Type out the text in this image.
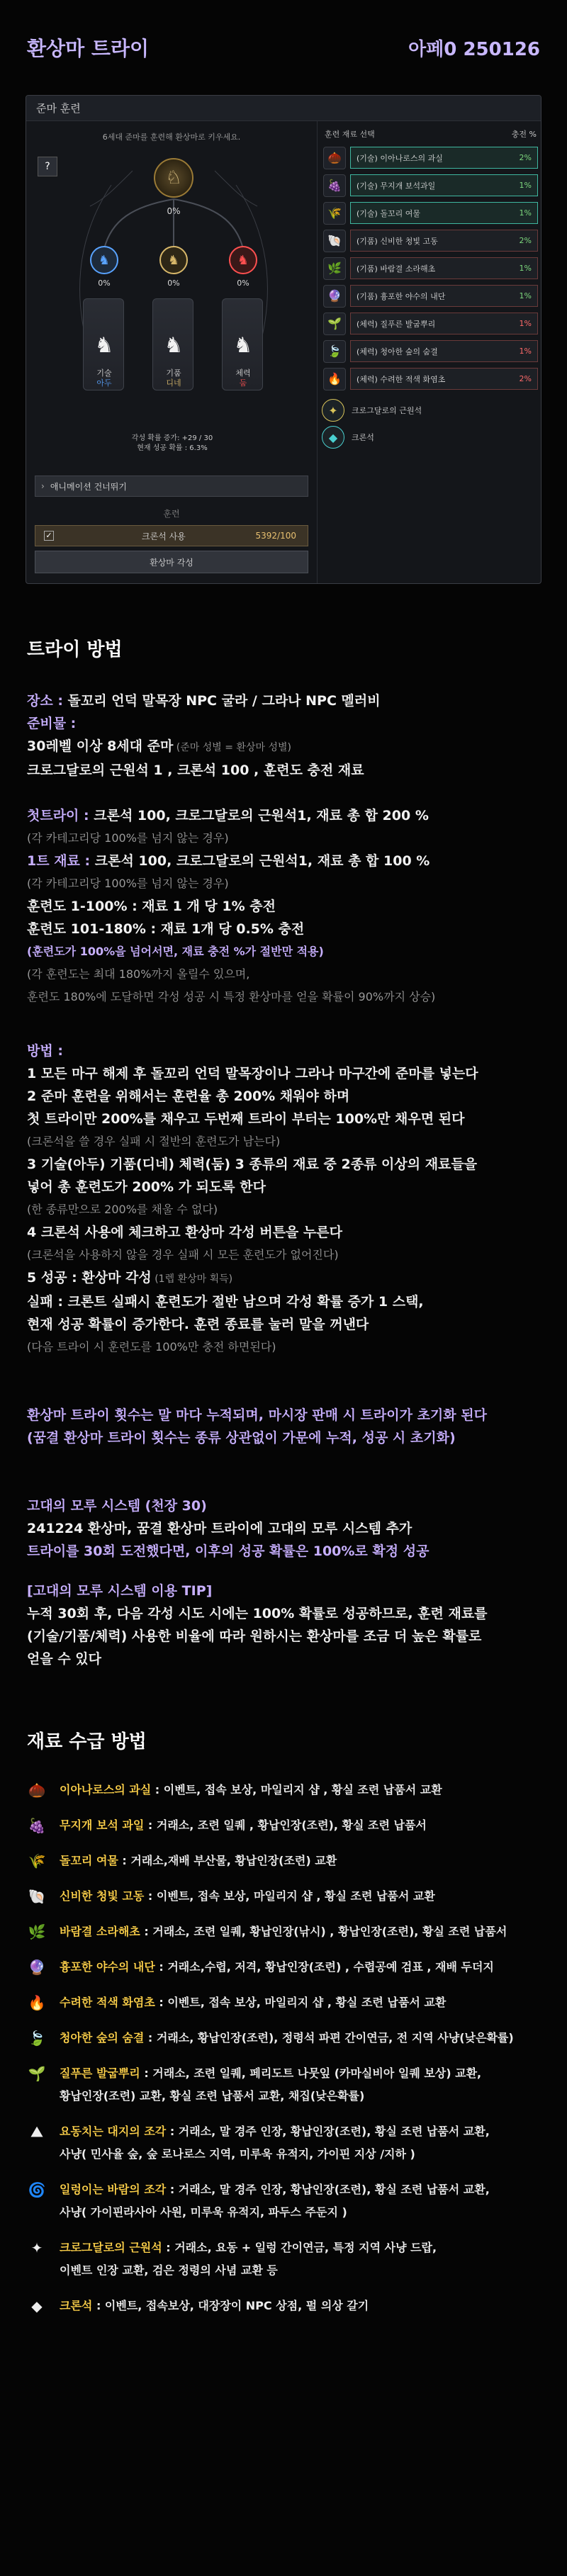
환상마 트라이	아페0 250126
준마 훈련
6세대 준마를 훈련해 환상마로 키우세요.
?
♘
0%
♞
0%
♞
0%
♞
0%
♞
기술
아두
♞
기품
디네
♞
체력
둠
각성 확률 증가: +29 / 30
현재 성공 확률 : 6.3%
› 애니메이션 건너뛰기
훈련
✓	크론석 사용	5392/100
환상마 각성
훈련 재료 선택	충전 %
🌰	(기술) 이아나로스의 과실	2%
🍇	(기술) 무지개 보석과일	1%
🌾	(기술) 돌꼬리 여물	1%
🐚	(기품) 신비한 청빛 고동	2%
🌿	(기품) 바람결 소라해초	1%
🔮	(기품) 흉포한 야수의 내단	1%
🌱	(체력) 질푸른 발굽뿌리	1%
🍃	(체력) 청아한 숲의 숨결	1%
🔥	(체력) 수려한 적색 화염초	2%
✦	크로그달로의 근원석
◆	크론석
트라이 방법
장소 : 돌꼬리 언덕 말목장 NPC 굴라 / 그라나 NPC 멜러비
준비물 :
30레벨 이상 8세대 준마 (준마 성별 = 환상마 성별)
크로그달로의 근원석 1 , 크론석 100 , 훈련도 충전 재료
첫트라이 : 크론석 100, 크로그달로의 근원석1, 재료 총 합 200 %
(각 카테고리당 100%를 넘지 않는 경우)
1트 재료 : 크론석 100, 크로그달로의 근원석1, 재료 총 합 100 %
(각 카테고리당 100%를 넘지 않는 경우)
훈련도 1-100% : 재료 1 개 당 1% 충전
훈련도 101-180% : 재료 1개 당 0.5% 충전
(훈련도가 100%을 넘어서면, 재료 충전 %가 절반만 적용)
(각 훈련도는 최대 180%까지 올릴수 있으며,
훈련도 180%에 도달하면 각성 성공 시 특정 환상마를 얻을 확률이 90%까지 상승)
방법 :
1 모든 마구 해제 후 돌꼬리 언덕 말목장이나 그라나 마구간에 준마를 넣는다
2 준마 훈련을 위해서는 훈련율 총 200% 채워야 하며
첫 트라이만 200%를 채우고 두번째 트라이 부터는 100%만 채우면 된다
(크론석을 쓸 경우 실패 시 절반의 훈련도가 남는다)
3 기술(아두) 기품(디네) 체력(둠) 3 종류의 재료 중 2종류 이상의 재료들을
넣어 총 훈련도가 200% 가 되도록 한다
(한 종류만으로 200%를 채울 수 없다)
4 크론석 사용에 체크하고 환상마 각성 버튼을 누른다
(크론석을 사용하지 않을 경우 실패 시 모든 훈련도가 없어진다)
5 성공 : 환상마 각성 (1렙 환상마 획득)
실패 : 크론트 실패시 훈련도가 절반 남으며 각성 확률 증가 1 스택,
현재 성공 확률이 증가한다. 훈련 종료를 눌러 말을 꺼낸다
(다음 트라이 시 훈련도를 100%만 충전 하면된다)
환상마 트라이 횟수는 말 마다 누적되며, 마시장 판매 시 트라이가 초기화 된다
(꿈결 환상마 트라이 횟수는 종류 상관없이 가문에 누적, 성공 시 초기화)
고대의 모루 시스템 (천장 30)
241224 환상마, 꿈결 환상마 트라이에 고대의 모루 시스템 추가
트라이를 30회 도전했다면, 이후의 성공 확률은 100%로 확정 성공
[고대의 모루 시스템 이용 TIP]
누적 30회 후, 다음 각성 시도 시에는 100% 확률로 성공하므로, 훈련 재료를
(기술/기품/체력) 사용한 비율에 따라 원하시는 환상마를 조금 더 높은 확률로
얻을 수 있다
재료 수급 방법
🌰 이아나로스의 과실 : 이벤트, 접속 보상, 마일리지 샵 , 황실 조련 납품서 교환
🍇 무지개 보석 과일 : 거래소, 조련 일퀘 , 황납인장(조련), 황실 조련 납품서
🌾 돌꼬리 여물 : 거래소,재배 부산물, 황납인장(조련) 교환
🐚 신비한 청빛 고동 : 이벤트, 접속 보상, 마일리지 샵 , 황실 조련 납품서 교환
🌿 바람결 소라해초 : 거래소, 조련 일퀘, 황납인장(낚시) , 황납인장(조련), 황실 조련 납품서
🔮 흉포한 야수의 내단 : 거래소,수렵, 저격, 황납인장(조련) , 수렵공예 검표 , 재배 두더지
🔥 수려한 적색 화염초 : 이벤트, 접속 보상, 마일리지 샵 , 황실 조련 납품서 교환
🍃 청아한 숲의 숨결 : 거래소, 황납인장(조련), 정령석 파편 간이연금, 전 지역 사냥(낮은확률)
🌱 질푸른 발굽뿌리 : 거래소, 조련 일퀘, 페리도트 나뭇잎 (카마실비아 일퀘 보상) 교환,
황납인장(조련) 교환, 황실 조련 납품서 교환, 채집(낮은확률)
⛰	요동치는 대지의 조각 : 거래소, 말 경주 인장, 황납인장(조련), 황실 조련 납품서 교환,
사냥( 민사율 숲, 숲 로나로스 지역, 미루욱 유적지, 가이핀 지상 /지하 )
🌀 일렁이는 바람의 조각 : 거래소, 말 경주 인장, 황납인장(조련), 황실 조련 납품서 교환,
사냥( 가이핀라사아 사원, 미루욱 유적지, 파두스 주둔지 )
✦	크로그달로의 근원석 : 거래소, 요동 + 일렁 간이연금, 특정 지역 사냥 드랍,
이벤트 인장 교환, 검은 정령의 사념 교환 등
◆	크론석 : 이벤트, 접속보상, 대장장이 NPC 상점, 펄 의상 갈기
